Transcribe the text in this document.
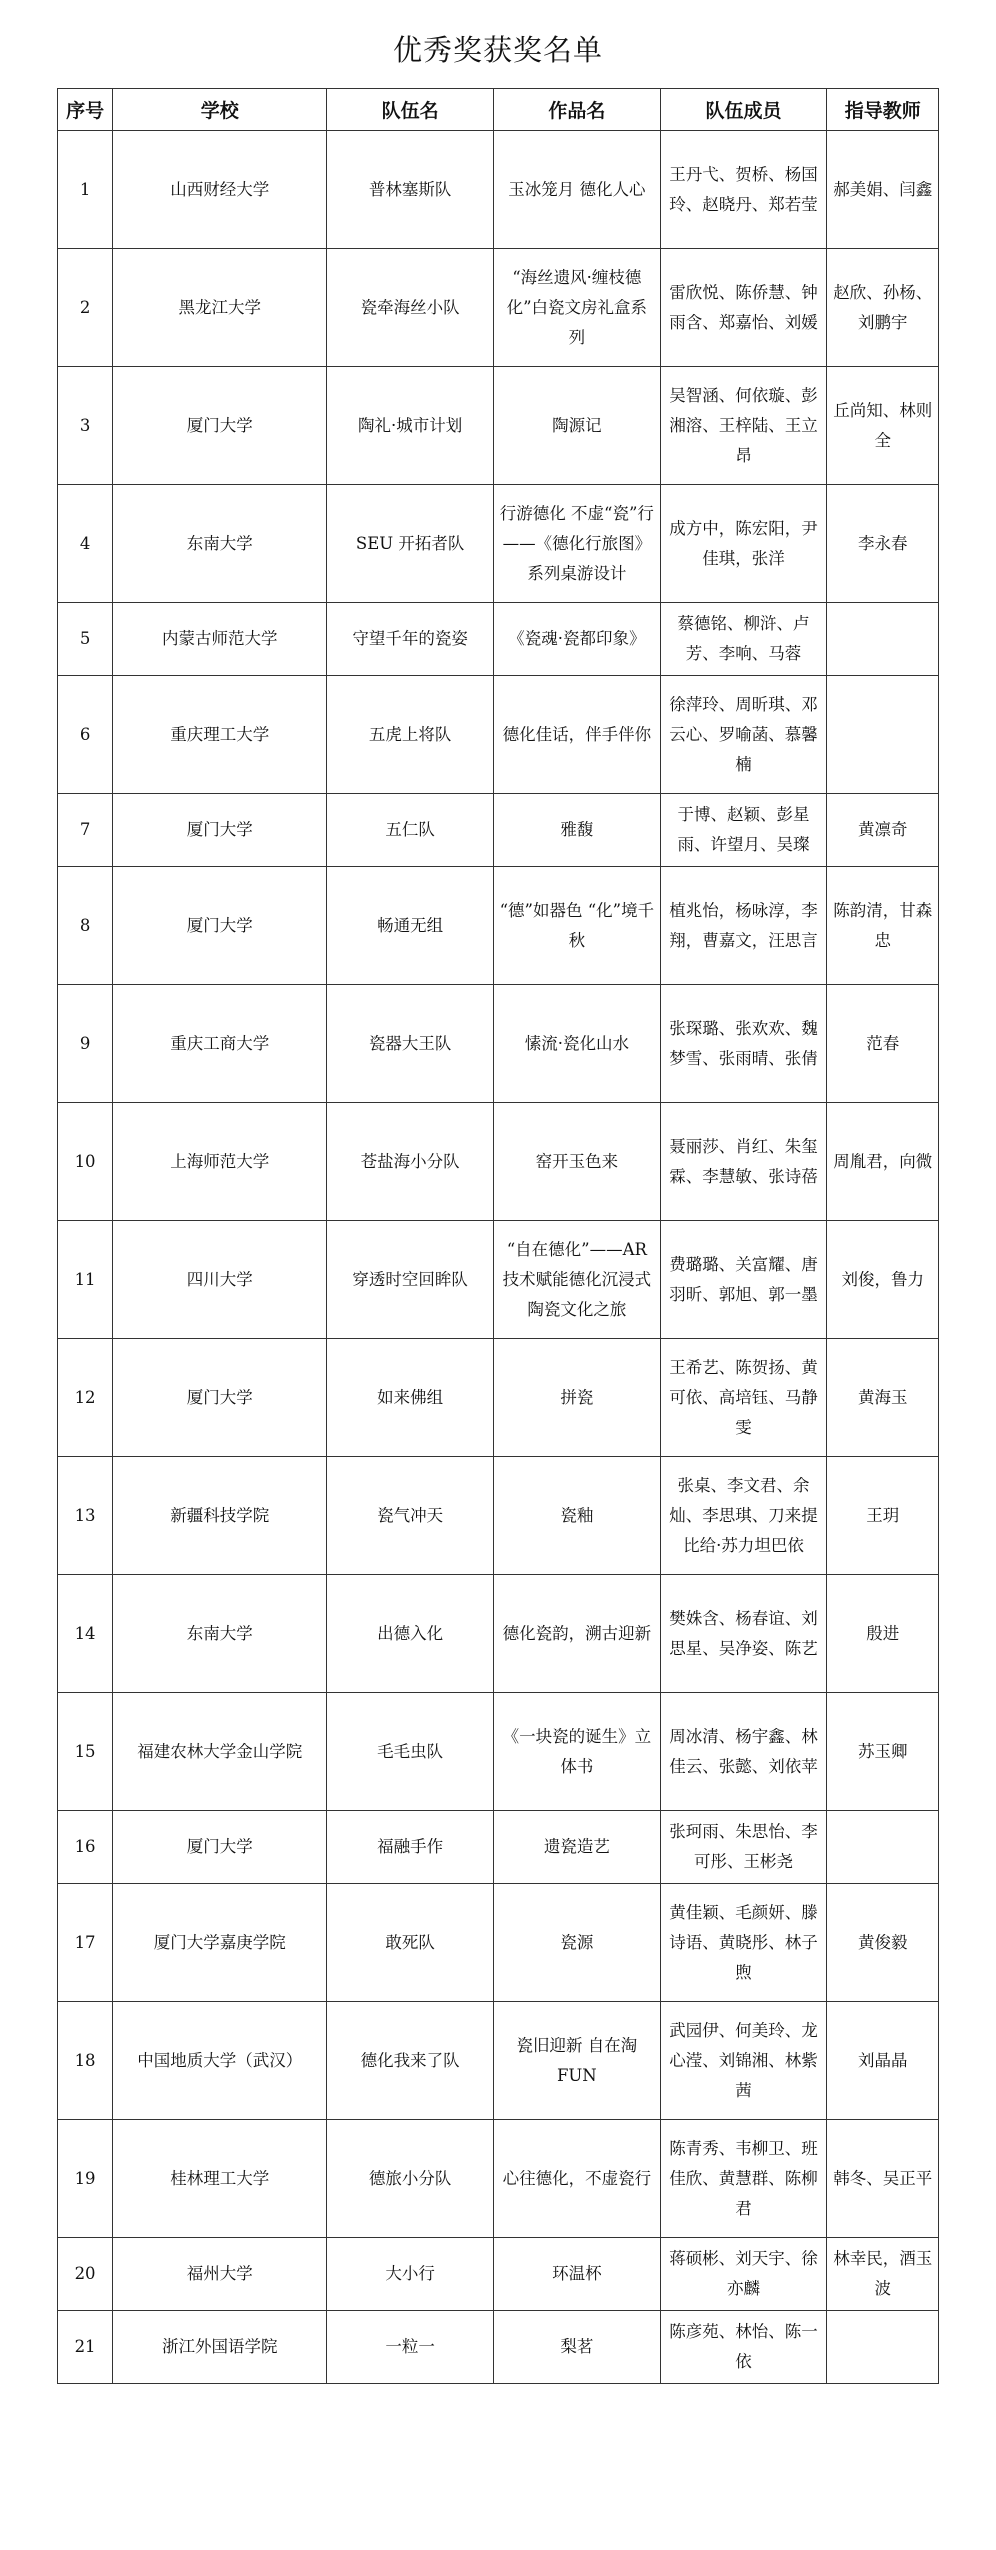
优秀奖获奖名单
序号	学校	队伍名	作品名	队伍成员	指导教师
1	山西财经大学	普林塞斯队	玉冰笼月 德化人心	王丹弋、贺桥、杨国玲、赵晓丹、郑若莹	郝美娟、闫鑫
2	黑龙江大学	瓷牵海丝小队	“海丝遗风·缠枝德化”白瓷文房礼盒系列	雷欣悦、陈侨慧、钟雨含、郑嘉怡、刘媛	赵欣、孙杨、刘鹏宇
3	厦门大学	陶礼·城市计划	陶源记	吴智涵、何依璇、彭湘溶、王梓陆、王立昂	丘尚知、林则全
4	东南大学	SEU 开拓者队	行游德化 不虚“瓷”行——《德化行旅图》系列桌游设计	成方中，陈宏阳，尹佳琪，张洋	李永春
5	内蒙古师范大学	守望千年的瓷姿	《瓷魂·瓷都印象》	蔡德铭、柳浒、卢芳、李响、马蓉	
6	重庆理工大学	五虎上将队	德化佳话，伴手伴你	徐萍玲、周昕琪、邓云心、罗喻菡、慕馨楠	
7	厦门大学	五仁队	雅馥	于博、赵颖、彭星雨、许望月、吴璨	黄凛奇
8	厦门大学	畅通无组	“德”如器色 “化”境千秋	植兆怡，杨咏淳，李翔，曹嘉文，汪思言	陈韵清，甘森忠
9	重庆工商大学	瓷器大王队	愫流·瓷化山水	张琛璐、张欢欢、魏梦雪、张雨晴、张倩	范春
10	上海师范大学	苍盐海小分队	窑开玉色来	聂丽莎、肖红、朱玺霖、李慧敏、张诗蓓	周胤君，向微
11	四川大学	穿透时空回眸队	“自在德化”——AR技术赋能德化沉浸式陶瓷文化之旅	费璐璐、关富耀、唐羽昕、郭旭、郭一墨	刘俊，鲁力
12	厦门大学	如来佛组	拼瓷	王希艺、陈贺扬、黄可依、高培钰、马静雯	黄海玉
13	新疆科技学院	瓷气冲天	瓷釉	张桌、李文君、余灿、李思琪、刀来提比给·苏力坦巴依	王玥
14	东南大学	出德入化	德化瓷韵，溯古迎新	樊姝含、杨春谊、刘思星、吴净姿、陈艺	殷进
15	福建农林大学金山学院	毛毛虫队	《一块瓷的诞生》立体书	周冰清、杨宇鑫、林佳云、张懿、刘依苹	苏玉卿
16	厦门大学	福融手作	遗瓷造艺	张珂雨、朱思怡、李可彤、王彬尧	
17	厦门大学嘉庚学院	敢死队	瓷源	黄佳颖、毛颜妍、滕诗语、黄晓彤、林子煦	黄俊毅
18	中国地质大学（武汉）	德化我来了队	瓷旧迎新 自在淘 FUN	武园伊、何美玲、龙心滢、刘锦湘、林紫茜	刘晶晶
19	桂林理工大学	德旅小分队	心往德化，不虚瓷行	陈青秀、韦柳卫、班佳欣、黄慧群、陈柳君	韩冬、吴正平
20	福州大学	大小行	环温杯	蒋硕彬、刘天宇、徐亦麟	林幸民，酒玉波
21	浙江外国语学院	一粒一	梨茗	陈彦苑、林怡、陈一依	
